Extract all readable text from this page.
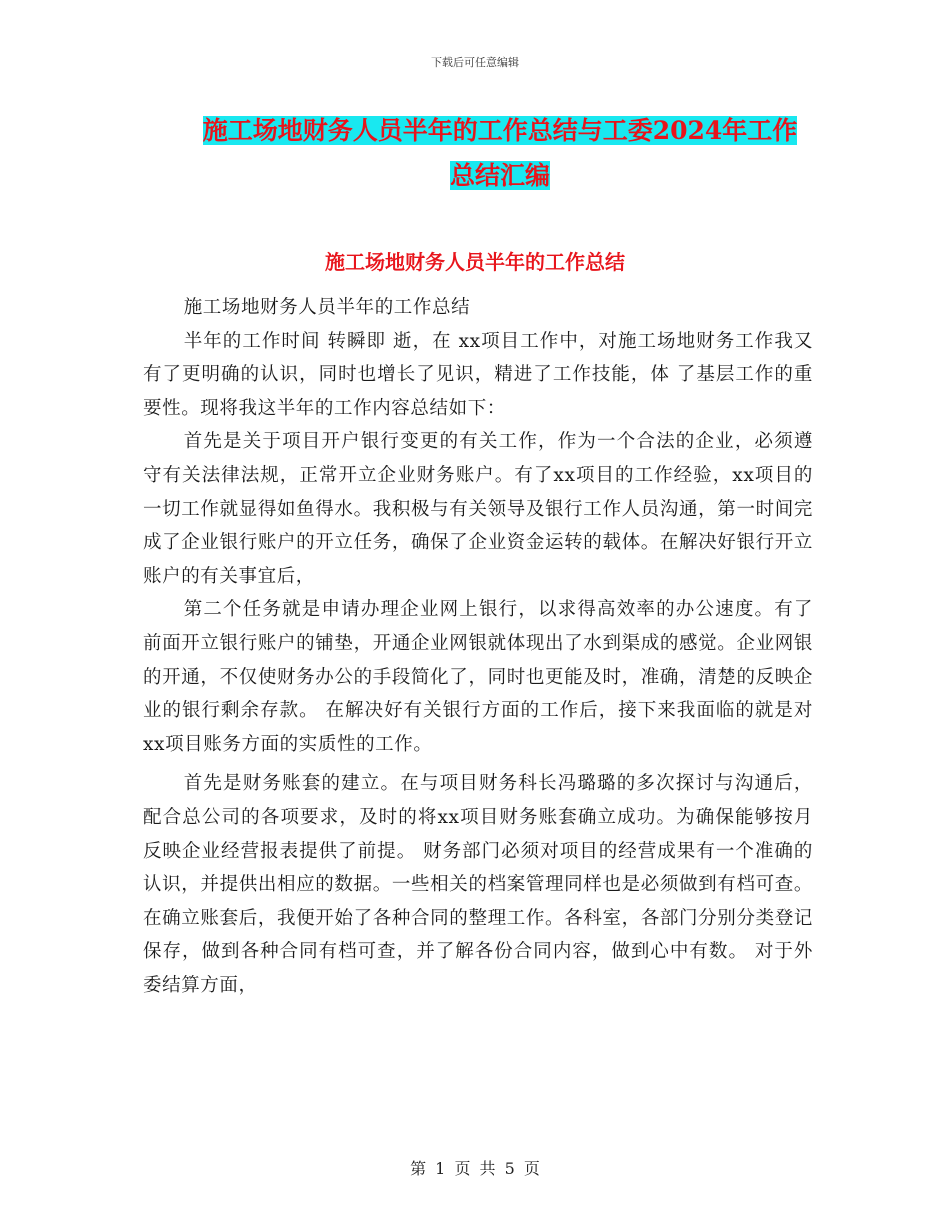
下载后可任意编辑
施工场地财务人员半年的工作总结与工委2024年工作
总结汇编
施工场地财务人员半年的工作总结

施工场地财务人员半年的工作总结

半年的工作时间 转瞬即 逝，在 xx项目工作中，对施工场地财务工作我又有了更明确的认识，同时也增长了见识，精进了工作技能，体 了基层工作的重要性。现将我这半年的工作内容总结如下：

首先是关于项目开户银行变更的有关工作，作为一个合法的企业，必须遵守有关法律法规，正常开立企业财务账户。有了xx项目的工作经验，xx项目的一切工作就显得如鱼得水。我积极与有关领导及银行工作人员沟通，第一时间完成了企业银行账户的开立任务，确保了企业资金运转的载体。在解决好银行开立账户的有关事宜后，

第二个任务就是申请办理企业网上银行，以求得高效率的办公速度。有了前面开立银行账户的铺垫，开通企业网银就体现出了水到渠成的感觉。企业网银的开通，不仅使财务办公的手段简化了，同时也更能及时，准确，清楚的反映企业的银行剩余存款。 在解决好有关银行方面的工作后，接下来我面临的就是对xx项目账务方面的实质性的工作。

首先是财务账套的建立。在与项目财务科长冯璐璐的多次探讨与沟通后，配合总公司的各项要求，及时的将xx项目财务账套确立成功。为确保能够按月反映企业经营报表提供了前提。 财务部门必须对项目的经营成果有一个准确的认识，并提供出相应的数据。一些相关的档案管理同样也是必须做到有档可查。在确立账套后，我便开始了各种合同的整理工作。各科室，各部门分别分类登记保存，做到各种合同有档可查，并了解各份合同内容，做到心中有数。 对于外委结算方面，

第 1 页 共 5 页
